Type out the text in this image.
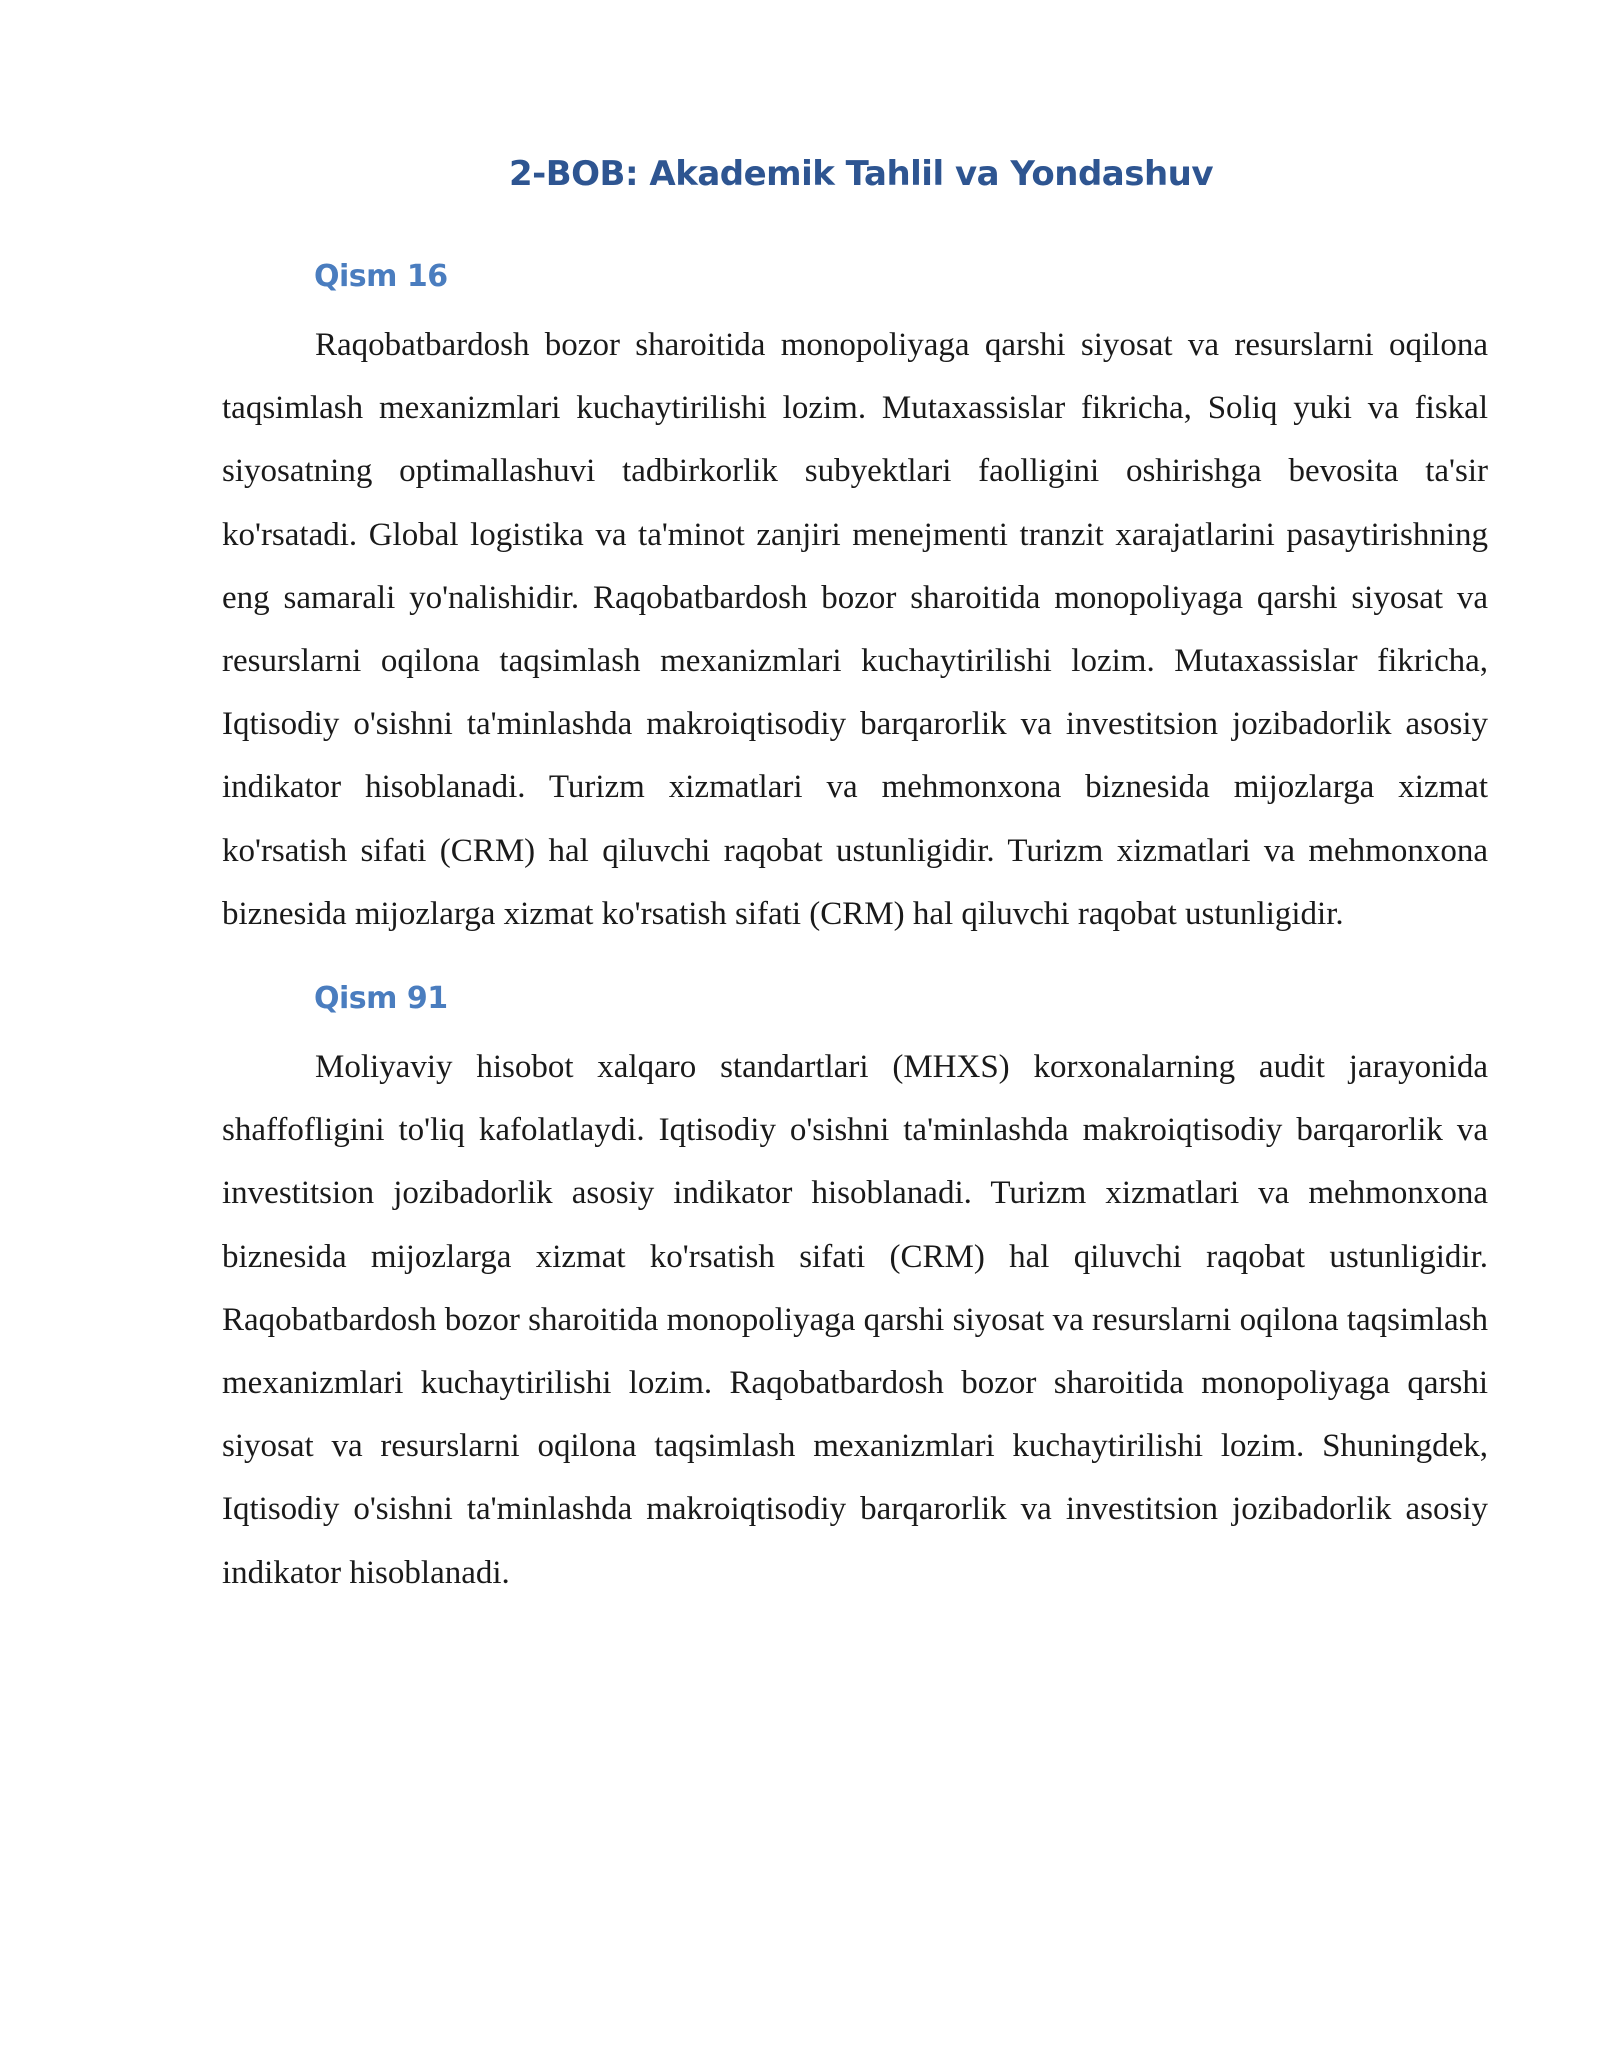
2-BOB: Akademik Tahlil va Yondashuv
Qism 16

Raqobatbardosh bozor sharoitida monopoliyaga qarshi siyosat va resurslarni oqilona taqsimlash mexanizmlari kuchaytirilishi lozim. Mutaxassislar fikricha, Soliq yuki va fiskal siyosatning optimallashuvi tadbirkorlik subyektlari faolligini oshirishga bevosita ta'sir ko'rsatadi. Global logistika va ta'minot zanjiri menejmenti tranzit xarajatlarini pasaytirishning eng samarali yo'nalishidir. Raqobatbardosh bozor sharoitida monopoliyaga qarshi siyosat va resurslarni oqilona taqsimlash mexanizmlari kuchaytirilishi lozim. Mutaxassislar fikricha, Iqtisodiy o'sishni ta'minlashda makroiqtisodiy barqarorlik va investitsion jozibadorlik asosiy indikator hisoblanadi. Turizm xizmatlari va mehmonxona biznesida mijozlarga xizmat ko'rsatish sifati (CRM) hal qiluvchi raqobat ustunligidir. Turizm xizmatlari va mehmonxona biznesida mijozlarga xizmat ko'rsatish sifati (CRM) hal qiluvchi raqobat ustunligidir.

Qism 91

Moliyaviy hisobot xalqaro standartlari (MHXS) korxonalarning audit jarayonida shaffofligini to'liq kafolatlaydi. Iqtisodiy o'sishni ta'minlashda makroiqtisodiy barqarorlik va investitsion jozibadorlik asosiy indikator hisoblanadi. Turizm xizmatlari va mehmonxona biznesida mijozlarga xizmat ko'rsatish sifati (CRM) hal qiluvchi raqobat ustunligidir. Raqobatbardosh bozor sharoitida monopoliyaga qarshi siyosat va resurslarni oqilona taqsimlash mexanizmlari kuchaytirilishi lozim. Raqobatbardosh bozor sharoitida monopoliyaga qarshi siyosat va resurslarni oqilona taqsimlash mexanizmlari kuchaytirilishi lozim. Shuningdek, Iqtisodiy o'sishni ta'minlashda makroiqtisodiy barqarorlik va investitsion jozibadorlik asosiy indikator hisoblanadi.
